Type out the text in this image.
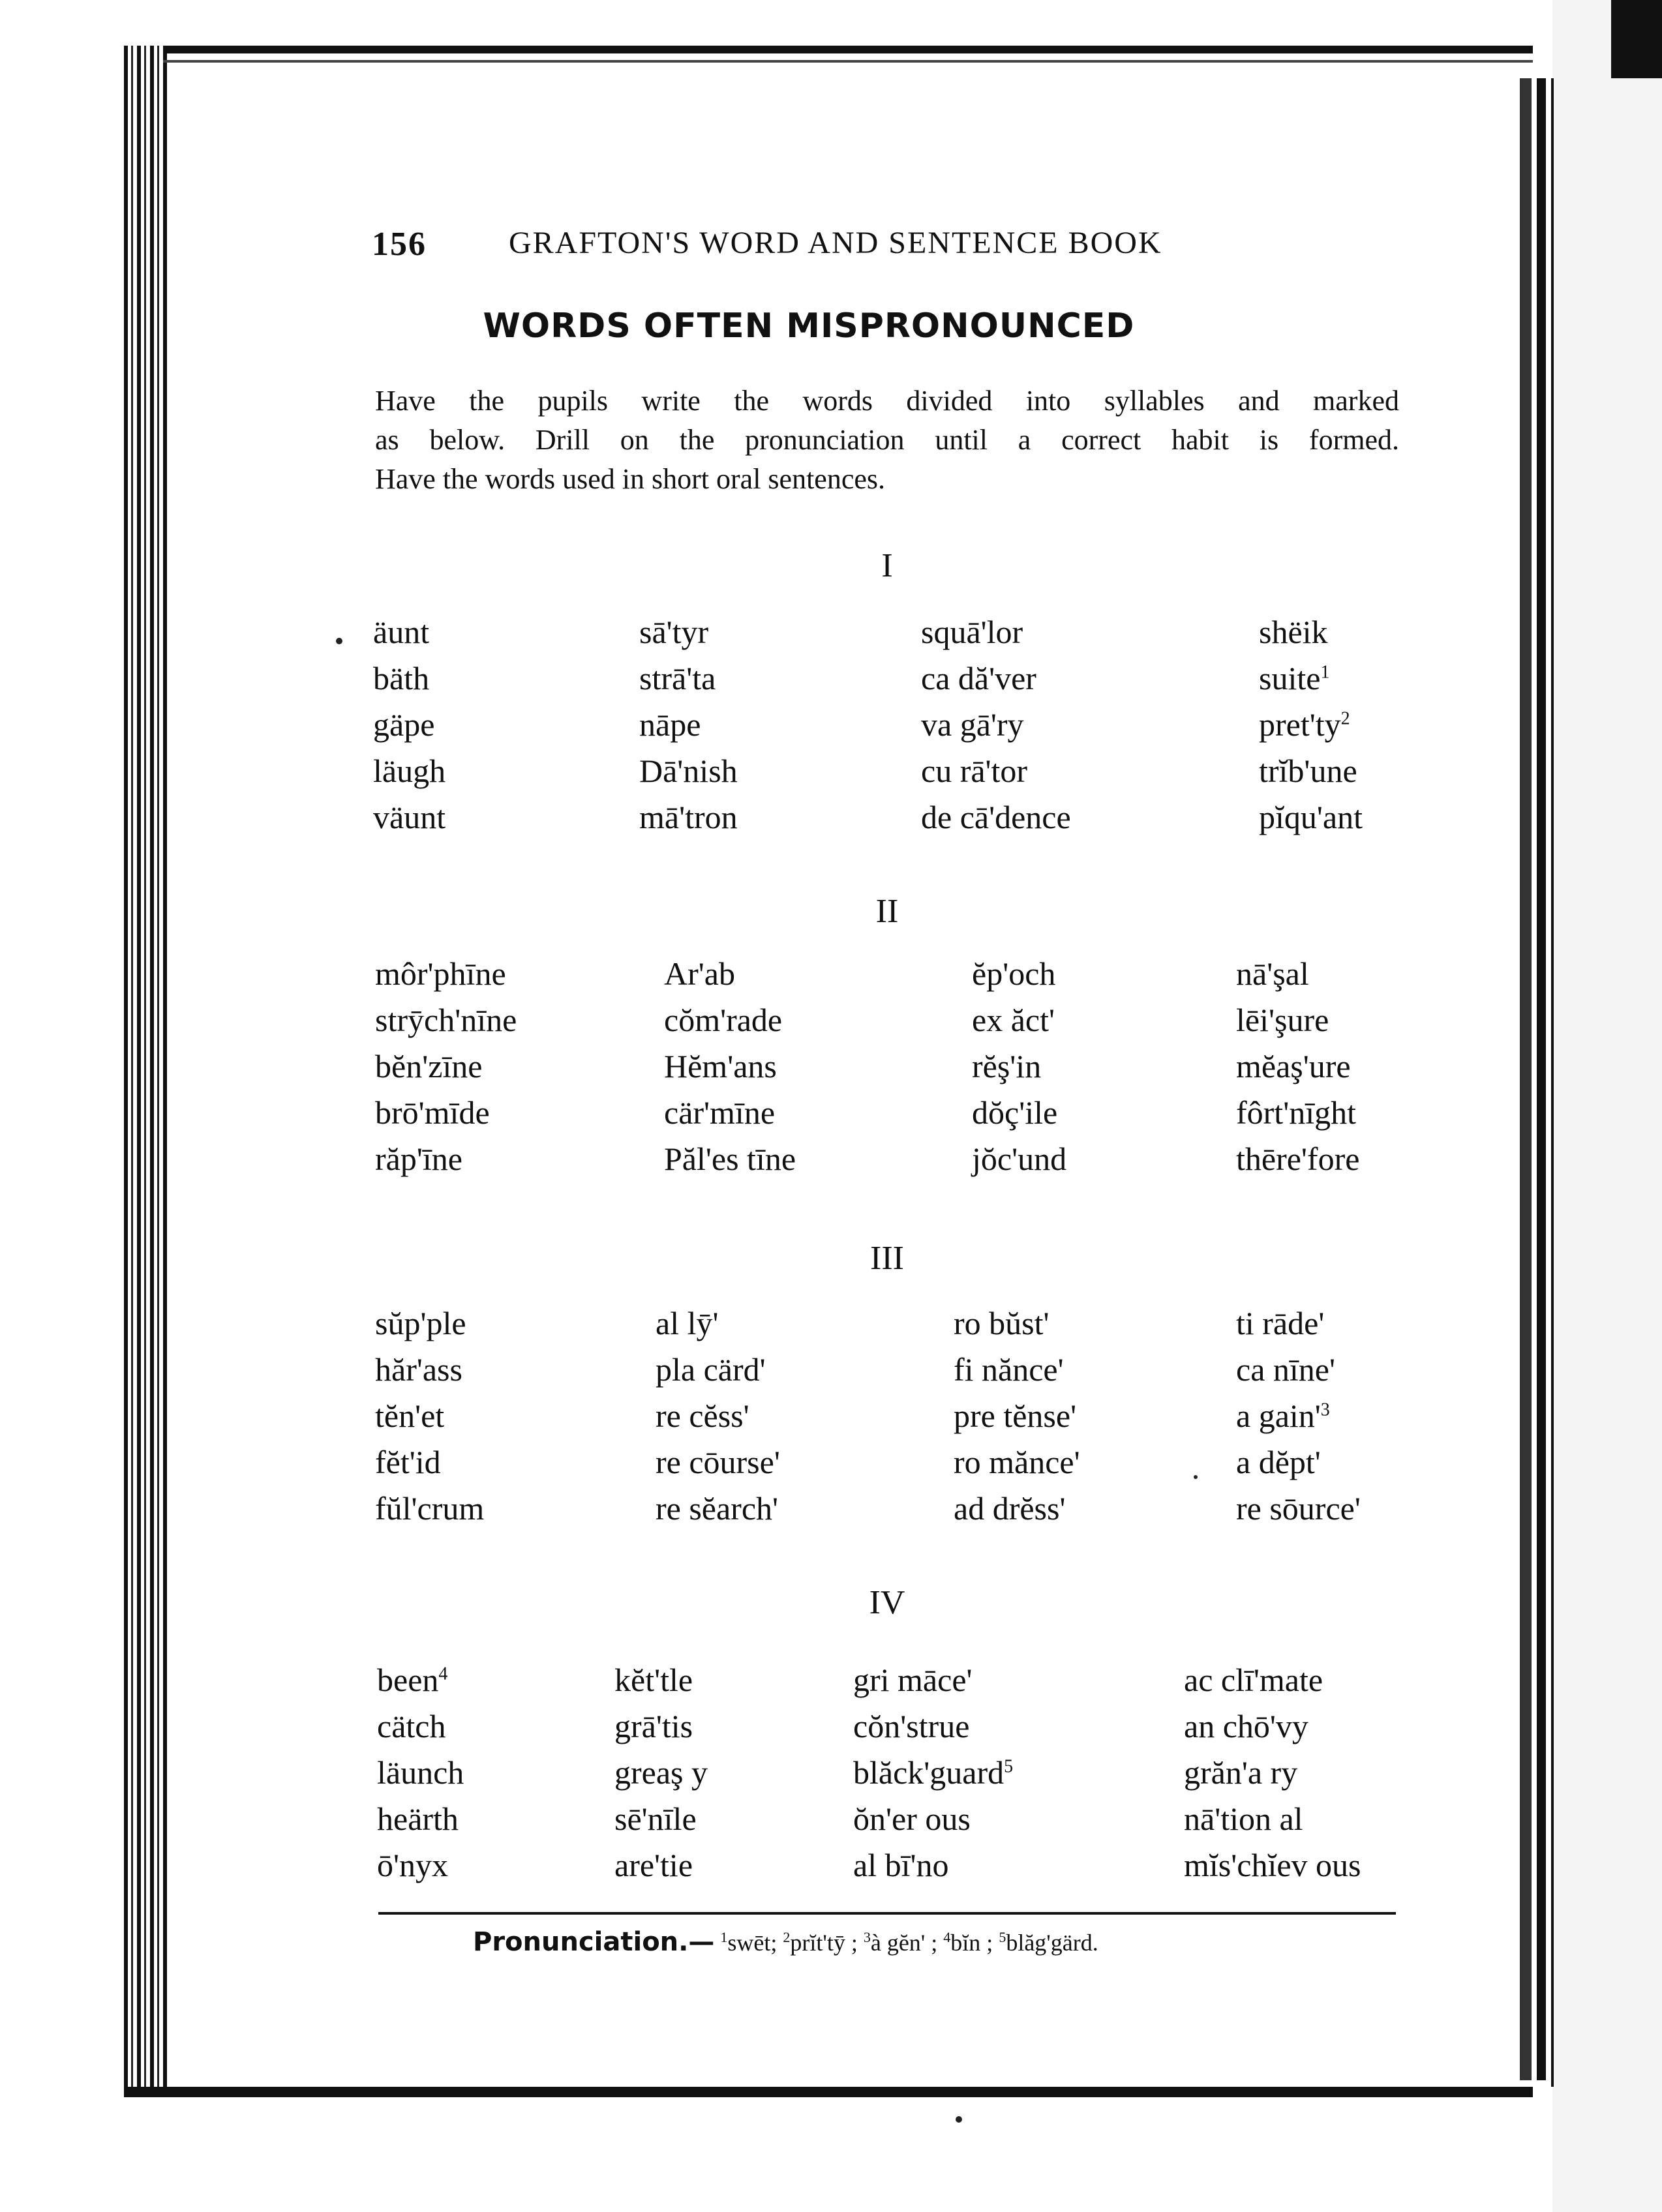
156	GRAFTON'S WORD AND SENTENCE BOOK
WORDS OFTEN MISPRONOUNCED

Have the pupils write the words divided into syllables and marked

as below. Drill on the pronunciation until a correct habit is formed.

Have the words used in short oral sentences.

I
äunt
bäth
gäpe
läugh
väunt
sā'tyr
strā'ta
nāpe
Dā'nish
mā'tron
squā'lor
ca dă'ver
va gā'ry
cu rā'tor
de cā'dence
shëik
suite$^1$
$pret'ty^2$
trĭb'une
pĭqu'ant
II
môr'phīne
strȳch'nīne
bĕn'zīne
brō'mīde
răp'īne
Ar'ab
cŏm'rade
Hĕm'ans
cär'mīne
Păl'es tīne
ĕp'och
ex ăct'
rĕş'in
dŏç'ile
jŏc'und
nā'şal
lēi'şure
mĕaş'ure
fôrt'nīght
thēre'fore
III
sŭp'ple
hăr'ass
tĕn'et
fĕt'id
fŭl'crum
al lȳ'
pla cärd'
re cĕss'
re cōurse'
re sĕarch'
ro bŭst'
fi nănce'
pre tĕnse'
ro mănce'
ad drĕss'
ti rāde'
ca nīne'
a $gain'^3$
a dĕpt'
re sōurce'
IV
been$^4$
cätch
läunch
heärth
ō'nyx
kĕt'tle
grā'tis
greaş y
sē'nīle
are'tie
gri māce'
cŏn'strue
blăck'guard$^5$
ŏn'er ous
al bī'no
ac clī'mate
an chō'vy
grăn'a ry
nā'tion al
mĭs'chĭev ous
Pronunciation.— $^1$swēt; $^2$prĭt'tȳ ; $^3$à gĕn' ; $^4$bĭn ; $^5$blăg'gärd.
